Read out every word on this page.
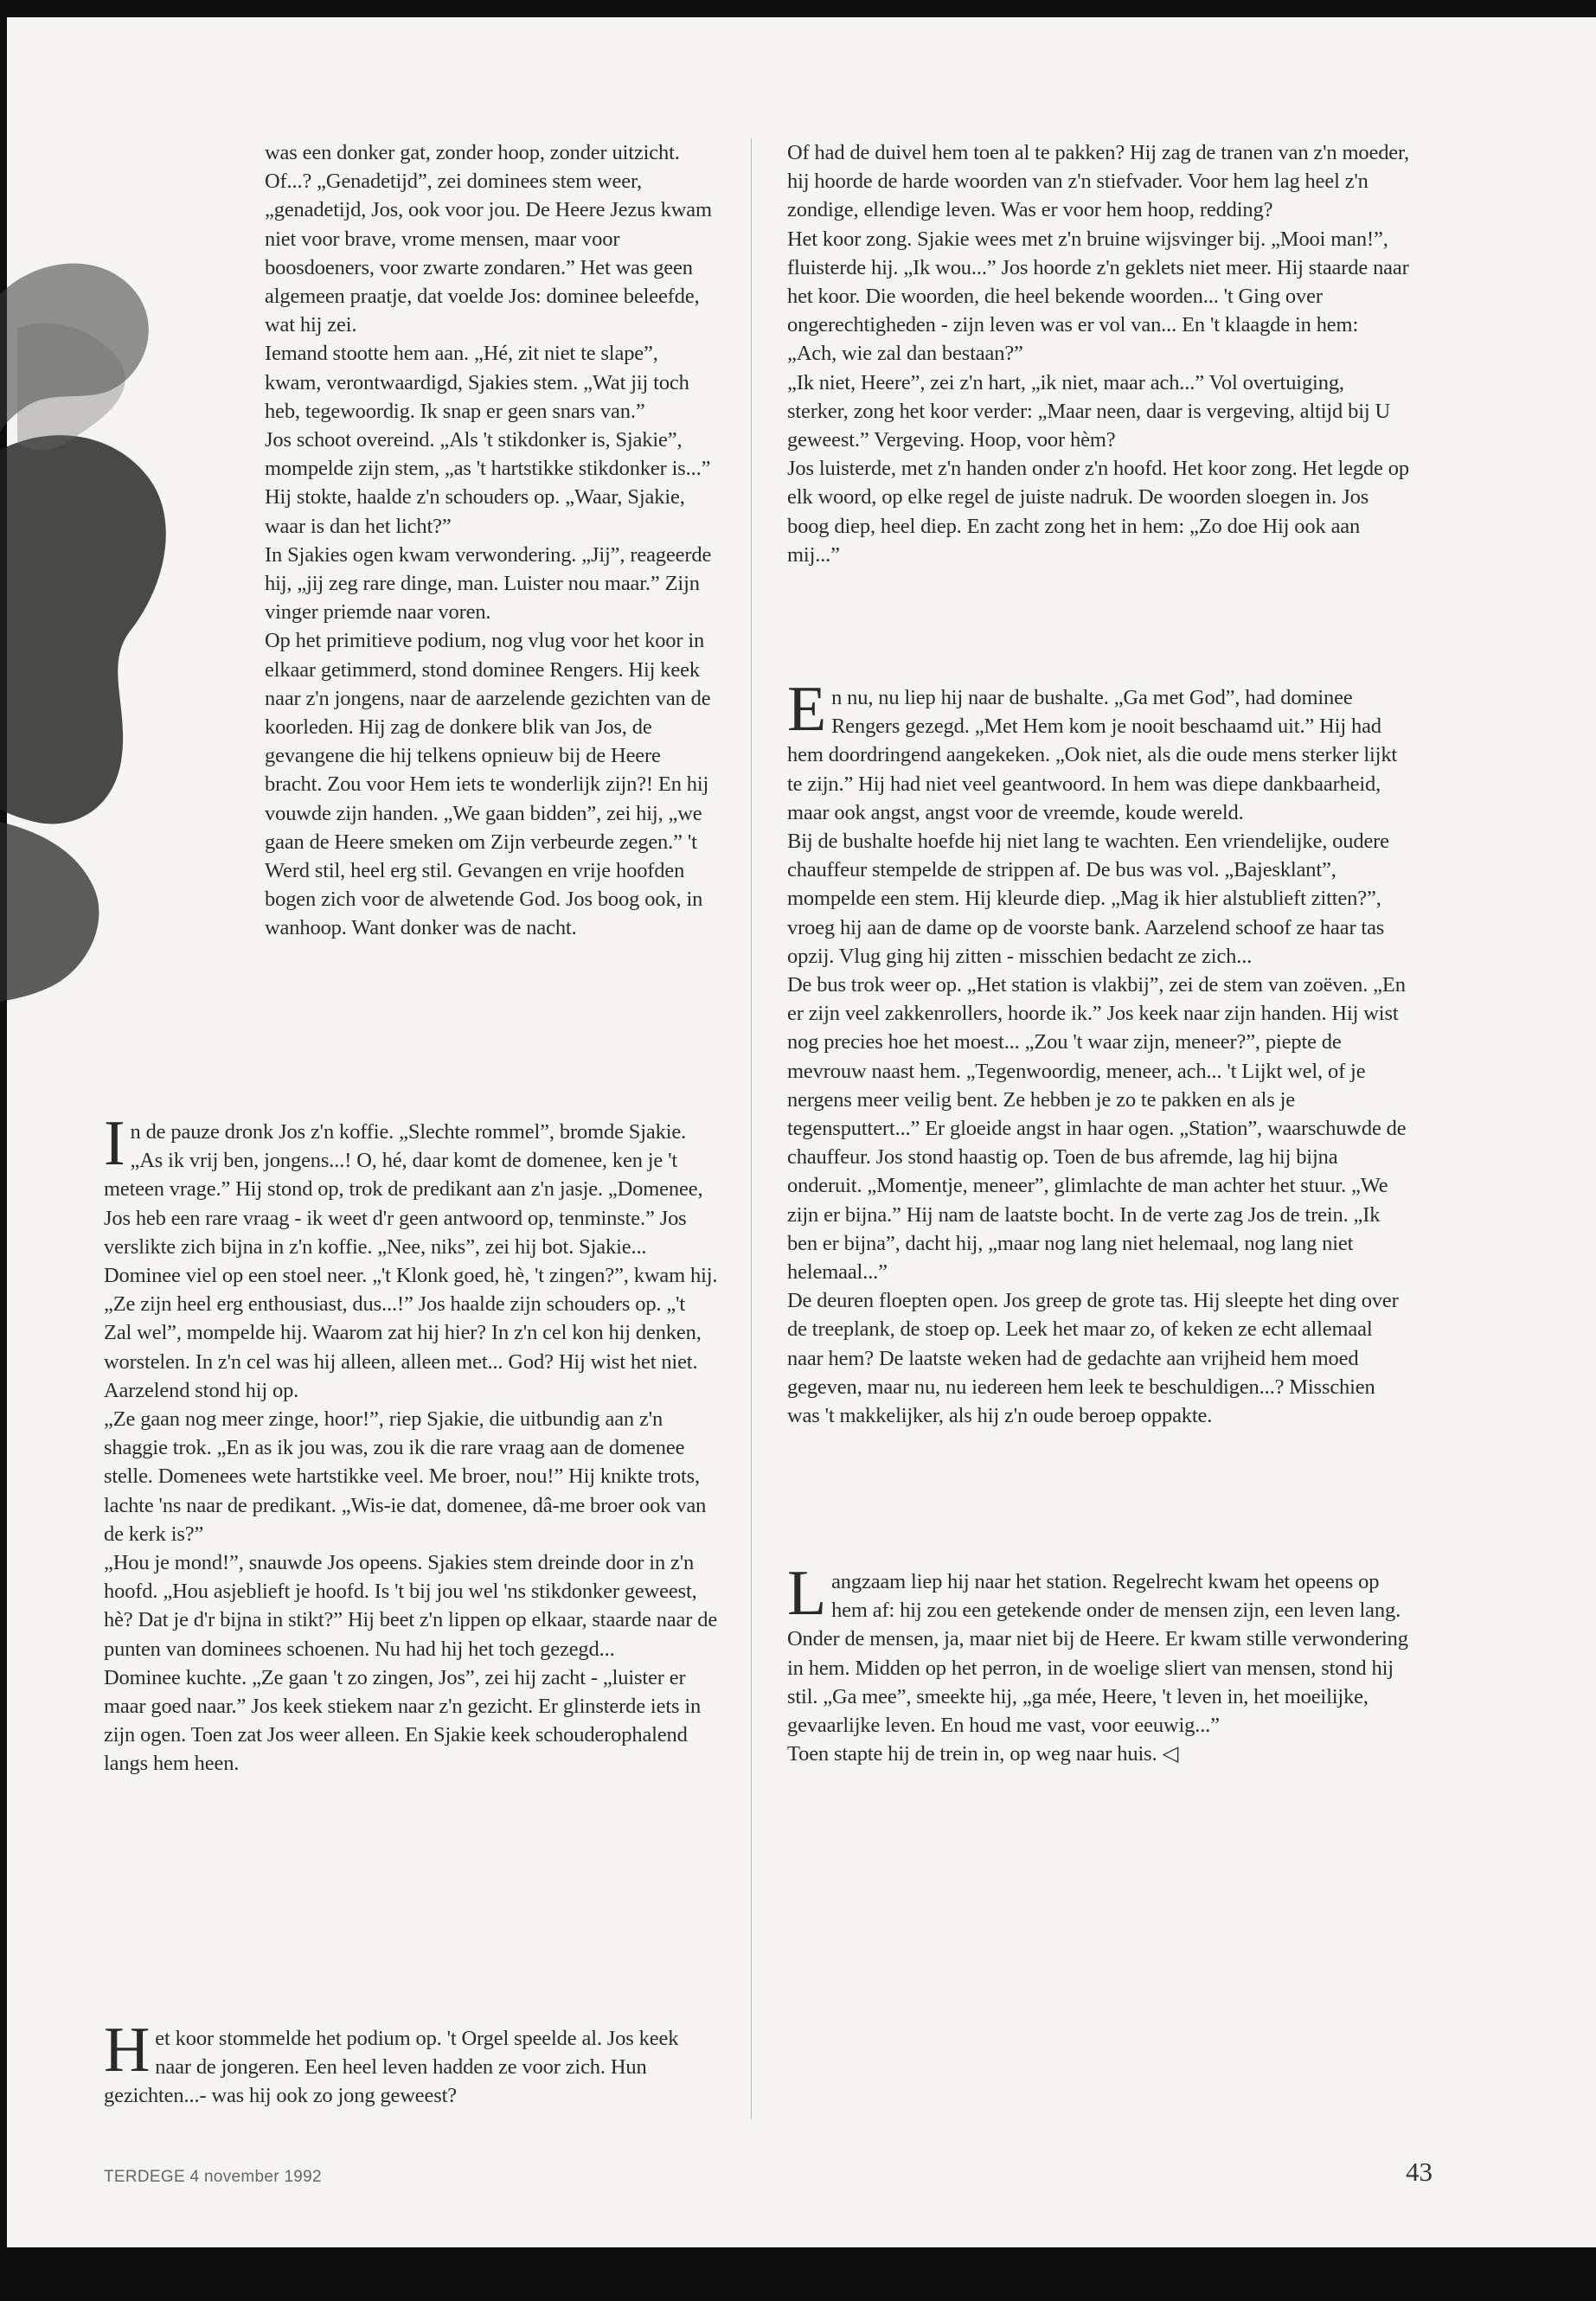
was een donker gat, zonder hoop, zonder uitzicht. Of...? „Genadetijd”, zei dominees stem weer, „genadetijd, Jos, ook voor jou. De Heere Jezus kwam niet voor brave, vrome mensen, maar voor boosdoeners, voor zwarte zondaren.” Het was geen algemeen praatje, dat voelde Jos: dominee beleefde, wat hij zei.

Iemand stootte hem aan. „Hé, zit niet te slape”, kwam, verontwaardigd, Sjakies stem. „Wat jij toch heb, tegewoordig. Ik snap er geen snars van.”

Jos schoot overeind. „Als 't stikdonker is, Sjakie”, mompelde zijn stem, „as 't hartstikke stikdonker is...” Hij stokte, haalde z'n schouders op. „Waar, Sjakie, waar is dan het licht?”

In Sjakies ogen kwam verwondering. „Jij”, reageerde hij, „jij zeg rare dinge, man. Luister nou maar.” Zijn vinger priemde naar voren.

Op het primitieve podium, nog vlug voor het koor in elkaar getimmerd, stond dominee Rengers. Hij keek naar z'n jongens, naar de aarzelende gezichten van de koorleden. Hij zag de donkere blik van Jos, de gevangene die hij telkens opnieuw bij de Heere bracht. Zou voor Hem iets te wonderlijk zijn?! En hij vouwde zijn handen. „We gaan bidden”, zei hij, „we gaan de Heere smeken om Zijn verbeurde zegen.” 't Werd stil, heel erg stil. Gevangen en vrije hoofden bogen zich voor de alwetende God. Jos boog ook, in wanhoop. Want donker was de nacht.

I n de pauze dronk Jos z'n koffie. „Slechte rommel”, bromde Sjakie. „As ik vrij ben, jongens...! O, hé, daar komt de domenee, ken je 't meteen vrage.” Hij stond op, trok de predikant aan z'n jasje. „Domenee, Jos heb een rare vraag - ik weet d'r geen antwoord op, tenminste.” Jos verslikte zich bijna in z'n koffie. „Nee, niks”, zei hij bot. Sjakie...

Dominee viel op een stoel neer. „'t Klonk goed, hè, 't zingen?”, kwam hij. „Ze zijn heel erg enthousiast, dus...!” Jos haalde zijn schouders op. „'t Zal wel”, mompelde hij. Waarom zat hij hier? In z'n cel kon hij denken, worstelen. In z'n cel was hij alleen, alleen met... God? Hij wist het niet. Aarzelend stond hij op.

„Ze gaan nog meer zinge, hoor!”, riep Sjakie, die uitbundig aan z'n shaggie trok. „En as ik jou was, zou ik die rare vraag aan de domenee stelle. Domenees wete hartstikke veel. Me broer, nou!” Hij knikte trots, lachte 'ns naar de predikant. „Wis-ie dat, domenee, dâ-me broer ook van de kerk is?”

„Hou je mond!”, snauwde Jos opeens. Sjakies stem dreinde door in z'n hoofd. „Hou asjeblieft je hoofd. Is 't bij jou wel 'ns stikdonker geweest, hè? Dat je d'r bijna in stikt?” Hij beet z'n lippen op elkaar, staarde naar de punten van dominees schoenen. Nu had hij het toch gezegd...

Dominee kuchte. „Ze gaan 't zo zingen, Jos”, zei hij zacht - „luister er maar goed naar.” Jos keek stiekem naar z'n gezicht. Er glinsterde iets in zijn ogen. Toen zat Jos weer alleen. En Sjakie keek schouderophalend langs hem heen.

H et koor stommelde het podium op. 't Orgel speelde al. Jos keek naar de jongeren. Een heel leven hadden ze voor zich. Hun gezichten...- was hij ook zo jong geweest?

Of had de duivel hem toen al te pakken? Hij zag de tranen van z'n moeder, hij hoorde de harde woorden van z'n stiefvader. Voor hem lag heel z'n zondige, ellendige leven. Was er voor hem hoop, redding?

Het koor zong. Sjakie wees met z'n bruine wijsvinger bij. „Mooi man!”, fluisterde hij. „Ik wou...” Jos hoorde z'n geklets niet meer. Hij staarde naar het koor. Die woorden, die heel bekende woorden... 't Ging over ongerechtigheden - zijn leven was er vol van... En 't klaagde in hem: „Ach, wie zal dan bestaan?”

„Ik niet, Heere”, zei z'n hart, „ik niet, maar ach...” Vol overtuiging, sterker, zong het koor verder: „Maar neen, daar is vergeving, altijd bij U geweest.” Vergeving. Hoop, voor hèm?

Jos luisterde, met z'n handen onder z'n hoofd. Het koor zong. Het legde op elk woord, op elke regel de juiste nadruk. De woorden sloegen in. Jos boog diep, heel diep. En zacht zong het in hem: „Zo doe Hij ook aan mij...”

E n nu, nu liep hij naar de bushalte. „Ga met God”, had dominee Rengers gezegd. „Met Hem kom je nooit beschaamd uit.” Hij had hem doordringend aangekeken. „Ook niet, als die oude mens sterker lijkt te zijn.” Hij had niet veel geantwoord. In hem was diepe dankbaarheid, maar ook angst, angst voor de vreemde, koude wereld.

Bij de bushalte hoefde hij niet lang te wachten. Een vriendelijke, oudere chauffeur stempelde de strippen af. De bus was vol. „Bajesklant”, mompelde een stem. Hij kleurde diep. „Mag ik hier alstublieft zitten?”, vroeg hij aan de dame op de voorste bank. Aarzelend schoof ze haar tas opzij. Vlug ging hij zitten - misschien bedacht ze zich...

De bus trok weer op. „Het station is vlakbij”, zei de stem van zoëven. „En er zijn veel zakkenrollers, hoorde ik.” Jos keek naar zijn handen. Hij wist nog precies hoe het moest... „Zou 't waar zijn, meneer?”, piepte de mevrouw naast hem. „Tegenwoordig, meneer, ach... 't Lijkt wel, of je nergens meer veilig bent. Ze hebben je zo te pakken en als je tegensputtert...” Er gloeide angst in haar ogen. „Station”, waarschuwde de chauffeur. Jos stond haastig op. Toen de bus afremde, lag hij bijna onderuit. „Momentje, meneer”, glimlachte de man achter het stuur. „We zijn er bijna.” Hij nam de laatste bocht. In de verte zag Jos de trein. „Ik ben er bijna”, dacht hij, „maar nog lang niet helemaal, nog lang niet helemaal...”

De deuren floepten open. Jos greep de grote tas. Hij sleepte het ding over de treeplank, de stoep op. Leek het maar zo, of keken ze echt allemaal naar hem? De laatste weken had de gedachte aan vrijheid hem moed gegeven, maar nu, nu iedereen hem leek te beschuldigen...? Misschien was 't makkelijker, als hij z'n oude beroep oppakte.

L angzaam liep hij naar het station. Regelrecht kwam het opeens op hem af: hij zou een getekende onder de mensen zijn, een leven lang. Onder de mensen, ja, maar niet bij de Heere. Er kwam stille verwondering in hem. Midden op het perron, in de woelige sliert van mensen, stond hij stil. „Ga mee”, smeekte hij, „ga mée, Heere, 't leven in, het moeilijke, gevaarlijke leven. En houd me vast, voor eeuwig...”

Toen stapte hij de trein in, op weg naar huis. ◁

TERDEGE 4 november 1992	43
